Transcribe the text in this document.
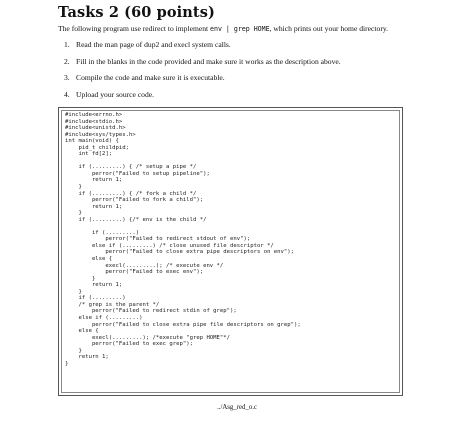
Tasks 2 (60 points)
The following program use redirect to implement env | grep HOME, which prints out your home directory.
1. Read the man page of dup2 and execl system calls.
2. Fill in the blanks in the code provided and make sure it works as the description above.
3. Compile the code and make sure it is executable.
4. Upload your source code.
#include<errno.h>
#include<stdio.h>
#include<unistd.h>
#include<sys/types.h>
int main(void) {
pid_t childpid;
int fd[2];
if (.........) { /* setup a pipe */
perror("Failed to setup pipeline");
return 1;
}
if (.........) { /* fork a child */
perror("Failed to fork a child");
return 1;
}
if (.........) {/* env is the child */
if (.........)
perror("Failed to redirect stdout of env");
else if (.........) /* close unused file descriptor */
perror("Failed to close extra pipe descriptors on env");
else {
execl(.........); /* execute env */
perror("Failed to exec env");
}
return 1;
}
if (.........)
/* grep is the parent */
perror("Failed to redirect stdin of grep");
else if (.........)
perror("Failed to close extra pipe file descriptors on grep");
else {
execl(.........); /*execute "grep HOME"*/
perror("Failed to exec grep");
}
return 1;
}
../Asg_red_o.c
